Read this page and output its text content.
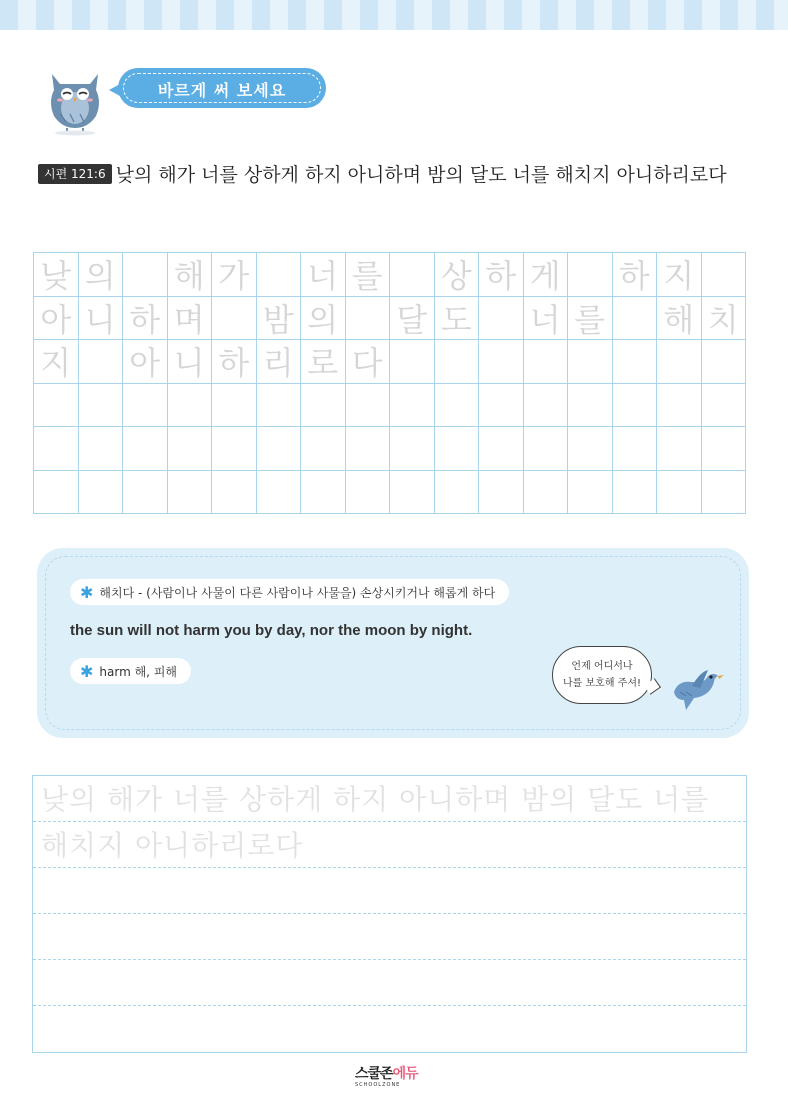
바르게 써 보세요
시편 121:6 낮의 해가 너를 상하게 하지 아니하며 밤의 달도 너를 해치지 아니하리로다
낮 의 해 가 너 를 상 하 게 하 지
아 니 하 며 밤 의 달 도 너 를 해 치
지 아 니 하 리 로 다
✱ 해치다 - (사람이나 사물이 다른 사람이나 사물을) 손상시키거나 해롭게 하다
the sun will not harm you by day, nor the moon by night.
✱ harm 해, 피해	언제 어디서나
나를 보호해 주셔!
낮의 해가 너를 상하게 하지 아니하며 밤의 달도 너를
해치지 아니하리로다
스쿨존에듀
SCHOOLZONE
